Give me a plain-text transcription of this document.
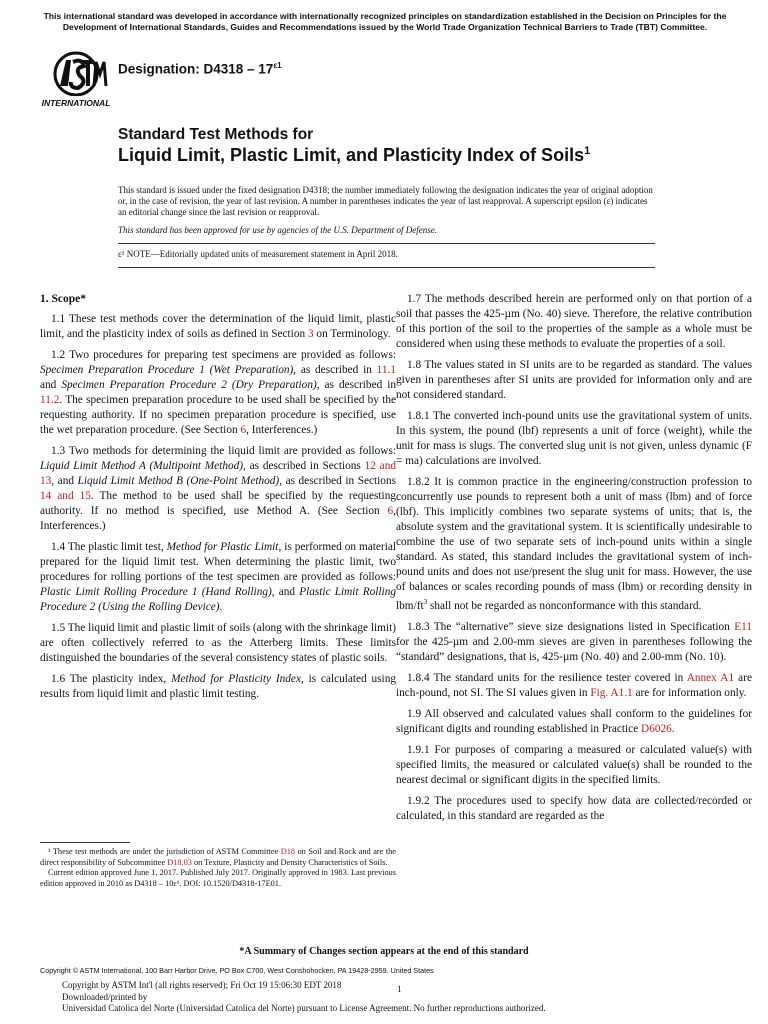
This international standard was developed in accordance with internationally recognized principles on standardization established in the Decision on Principles for the Development of International Standards, Guides and Recommendations issued by the World Trade Organization Technical Barriers to Trade (TBT) Committee.
INTERNATIONAL
Designation: $D4318 - 17^{\varepsilon 1}$
Standard Test Methods for
Liquid Limit, Plastic Limit, and Plasticity Index of Soils$^1$

This standard is issued under the fixed designation D4318; the number immediately following the designation indicates the year of original adoption or, in the case of revision, the year of last revision. A number in parentheses indicates the year of last reapproval. A superscript epsilon (ε) indicates an editorial change since the last revision or reapproval.

This standard has been approved for use by agencies of the U.S. Department of Defense.

ε¹ NOTE—Editorially updated units of measurement statement in April 2018.

1. Scope*

1.1 These test methods cover the determination of the liquid limit, plastic limit, and the plasticity index of soils as defined in Section 3 on Terminology.

1.2 Two procedures for preparing test specimens are provided as follows: Specimen Preparation Procedure 1 (Wet Preparation), as described in 11.1 and Specimen Preparation Procedure 2 (Dry Preparation), as described in 11.2. The specimen preparation procedure to be used shall be specified by the requesting authority. If no specimen preparation procedure is specified, use the wet preparation procedure. (See Section 6, Interferences.)

1.3 Two methods for determining the liquid limit are provided as follows: Liquid Limit Method A (Multipoint Method), as described in Sections 12 and 13, and Liquid Limit Method B (One-Point Method), as described in Sections 14 and 15. The method to be used shall be specified by the requesting authority. If no method is specified, use Method A. (See Section 6, Interferences.)

1.4 The plastic limit test, Method for Plastic Limit, is performed on material prepared for the liquid limit test. When determining the plastic limit, two procedures for rolling portions of the test specimen are provided as follows: Plastic Limit Rolling Procedure 1 (Hand Rolling), and Plastic Limit Rolling Procedure 2 (Using the Rolling Device).

1.5 The liquid limit and plastic limit of soils (along with the shrinkage limit) are often collectively referred to as the Atterberg limits. These limits distinguished the boundaries of the several consistency states of plastic soils.

1.6 The plasticity index, Method for Plasticity Index, is calculated using results from liquid limit and plastic limit testing.

¹ These test methods are under the jurisdiction of ASTM Committee D18 on Soil and Rock and are the direct responsibility of Subcommittee D18.03 on Texture, Plasticity and Density Characteristics of Soils.

Current edition approved June 1, 2017. Published July 2017. Originally approved in 1983. Last previous edition approved in 2010 as D4318 – 10ε¹. DOI: 10.1520/D4318-17E01.

1.7 The methods described herein are performed only on that portion of a soil that passes the 425-µm (No. 40) sieve. Therefore, the relative contribution of this portion of the soil to the properties of the sample as a whole must be considered when using these methods to evaluate the properties of a soil.

1.8 The values stated in SI units are to be regarded as standard. The values given in parentheses after SI units are provided for information only and are not considered standard.

1.8.1 The converted inch-pound units use the gravitational system of units. In this system, the pound (lbf) represents a unit of force (weight), while the unit for mass is slugs. The converted slug unit is not given, unless dynamic (F = ma) calculations are involved.

1.8.2 It is common practice in the engineering/construction profession to concurrently use pounds to represent both a unit of mass (lbm) and of force (lbf). This implicitly combines two separate systems of units; that is, the absolute system and the gravitational system. It is scientifically undesirable to combine the use of two separate sets of inch-pound units within a single standard. As stated, this standard includes the gravitational system of inch-pound units and does not use/present the slug unit for mass. However, the use of balances or scales recording pounds of mass (lbm) or recording density in lbm/$ft^3$ shall not be regarded as nonconformance with this standard.

1.8.3 The “alternative” sieve size designations listed in Specification E11 for the 425-µm and 2.00-mm sieves are given in parentheses following the “standard” designations, that is, 425-µm (No. 40) and 2.00-mm (No. 10).

1.8.4 The standard units for the resilience tester covered in Annex A1 are inch-pound, not SI. The SI values given in Fig. A1.1 are for information only.

1.9 All observed and calculated values shall conform to the guidelines for significant digits and rounding established in Practice D6026.

1.9.1 For purposes of comparing a measured or calculated value(s) with specified limits, the measured or calculated value(s) shall be rounded to the nearest decimal or significant digits in the specified limits.

1.9.2 The procedures used to specify how data are collected/recorded or calculated, in this standard are regarded as the

*A Summary of Changes section appears at the end of this standard
Copyright © ASTM International, 100 Barr Harbor Drive, PO Box C700, West Conshohocken, PA 19428-2959. United States

Copyright by ASTM Int'l (all rights reserved); Fri Oct 19 15:06:30 EDT 2018

Downloaded/printed by

Universidad Catolica del Norte (Universidad Catolica del Norte) pursuant to License Agreement. No further reproductions authorized.

1
